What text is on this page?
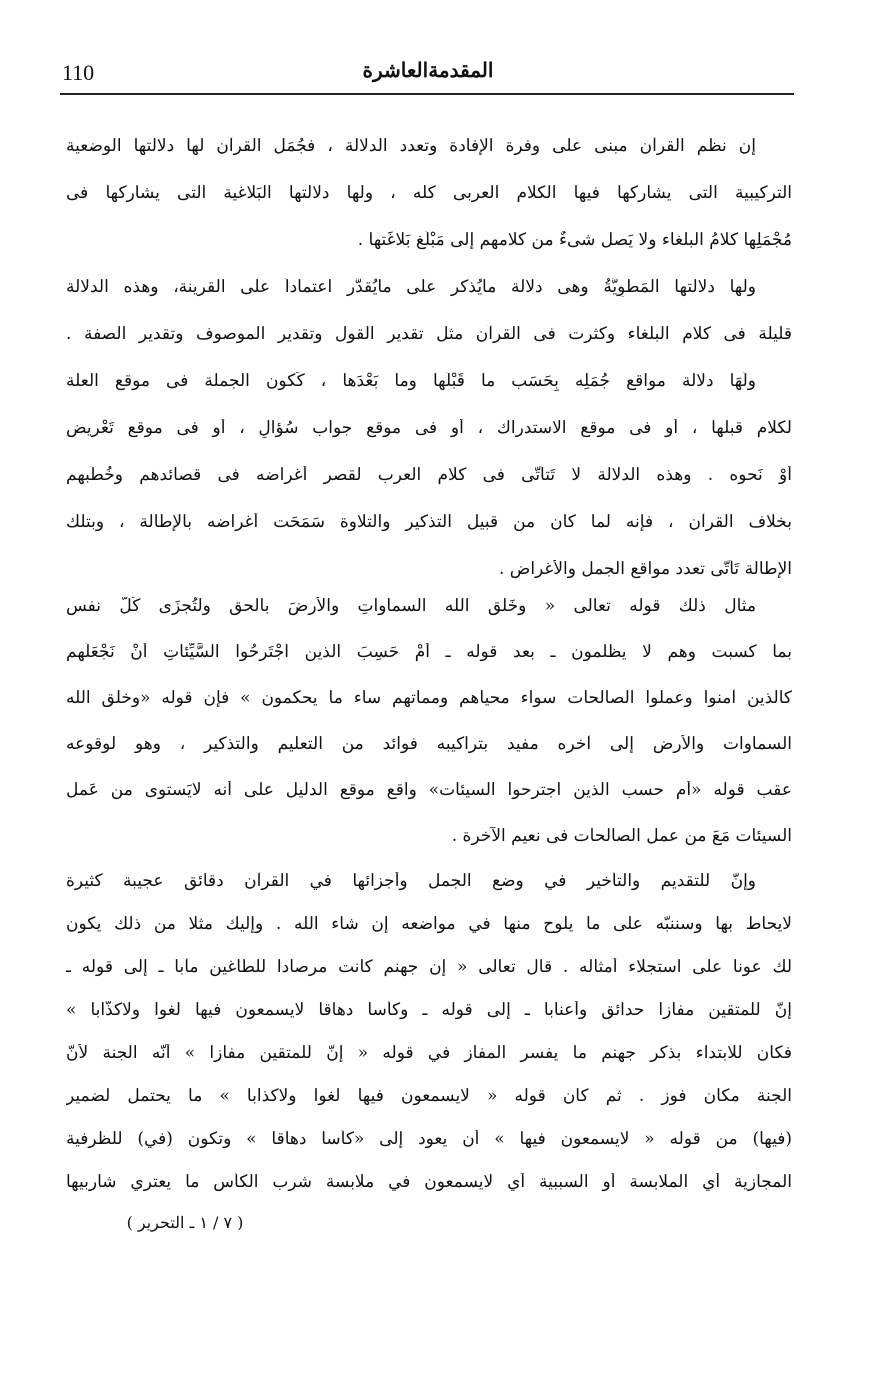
110	المقدمةالعاشرة

إن نظم القرآن مبنى على وفرة الإفادة وتعدد الدلالة ، فجُمَل القرآن لها دلالتها الوضعية
التركيبية التى يشاركها فيها الكلام العربى كله ، ولها دلالتها البَلاغية التى يشاركها فى
مُجْمَلِها كلامُ البلغاء ولا يَصل شىءٌ من كلامهم إلى مَبْلَغ بَلاغَتها .

ولها دلالتها المَطْوِيَّةُ وهى دلالة مايُذكر على مايُقدَّر اعتماداً على القرينة، وهذه الدلالة
قليلة فى كلام البلغاء وكثرت فى القرآن مثل تقدير القول وتقدير الموصوف وتقدير الصفة .

ولَهَا دلالة مواقع جُمَلِه بِحَسَب ما قَبْلَها وما بَعْدَها ، كَكون الجملة فى موقع العلة
لكلام قبلها ، أو فى موقع الاستدراك ، أو فى موقع جواب سُؤالٍ ، أو فى موقع تَعْريض
أوْ نَحوه . وهذه الدلالة لا تَتأَتَّى فى كلام العرب لقصر أغراضه فى قصائدهم وخُطَبهم
بخلاف القرآن ، فإنه لما كان من قبيل التذكير والتلاوة سَمَحَت أغراضه بالإطالة ، وبتلك
الإطالة تَأتَّى تعدد مواقع الجمل والأغراض .

مثال ذلك قوله تعالى « وخَلق الله السماواتِ والأرضَ بالحق ولتُجزَى كُلُّ نفس
بما كسبت وهم لا يظلمون ـ بعد قوله ـ أمْ حَسِبَ الذين اجْتَرحُوا السَّيِّئاتِ أنْ نَجْعَلَهم
كالذين آمنوا وعملوا الصالحات سواء محياهم ومماتهم ساء ما يحكمون » فإن قوله «وخلق الله
السماوات والأرض إلى آخره مفيد بتراكيبه فوائد من التعليم والتذكير ، وهو لوقوعه
عقب قوله «أم حسب الذين اجترحوا السيئات» واقع موقع الدليل على أنه لايَستوى من عَمل
السيئات مَعَ من عمل الصالحات فى نعيم الآخرة .

وإنّ للتقديم والتأخير في وضع الجمل وأجزائها في القرآن دقائق عجيبة كثيرة
لايحاط بها وسننبّه على ما يلوح منها في مواضعه إن شاء الله . وإليك مثلا من ذلك يكون
لك عونا على استجلاء أمثاله . قال تعالى « إن جهنم كانت مرصادا للطّاغين مآبا ـ إلى قوله ـ
إنّ للمتقين مفازا حدائق وأعنابا ـ إلى قوله ـ وكأسا دهاقا لايسمعون فيها لغوا ولاكذّابا »
فكان للابتداء بذكر جهنم ما يفسر المفاز في قوله « إنّ للمتقين مفازا » أنّه الجنة لأنّ
الجنة مكان فوز . ثم كان قوله « لايسمعون فيها لغوا ولاكذابا » ما يحتمل لضمير
(فيها) من قوله « لايسمعون فيها » أن يعود إلى «كأسا دهاقا » وتكون (في) للظرفية
المجازية أي الملابسة أو السببية أي لايسمعون في ملابسة شرب الكأس ما يعتري شاربيها

( ٧ / ١ ـ التحرير )
